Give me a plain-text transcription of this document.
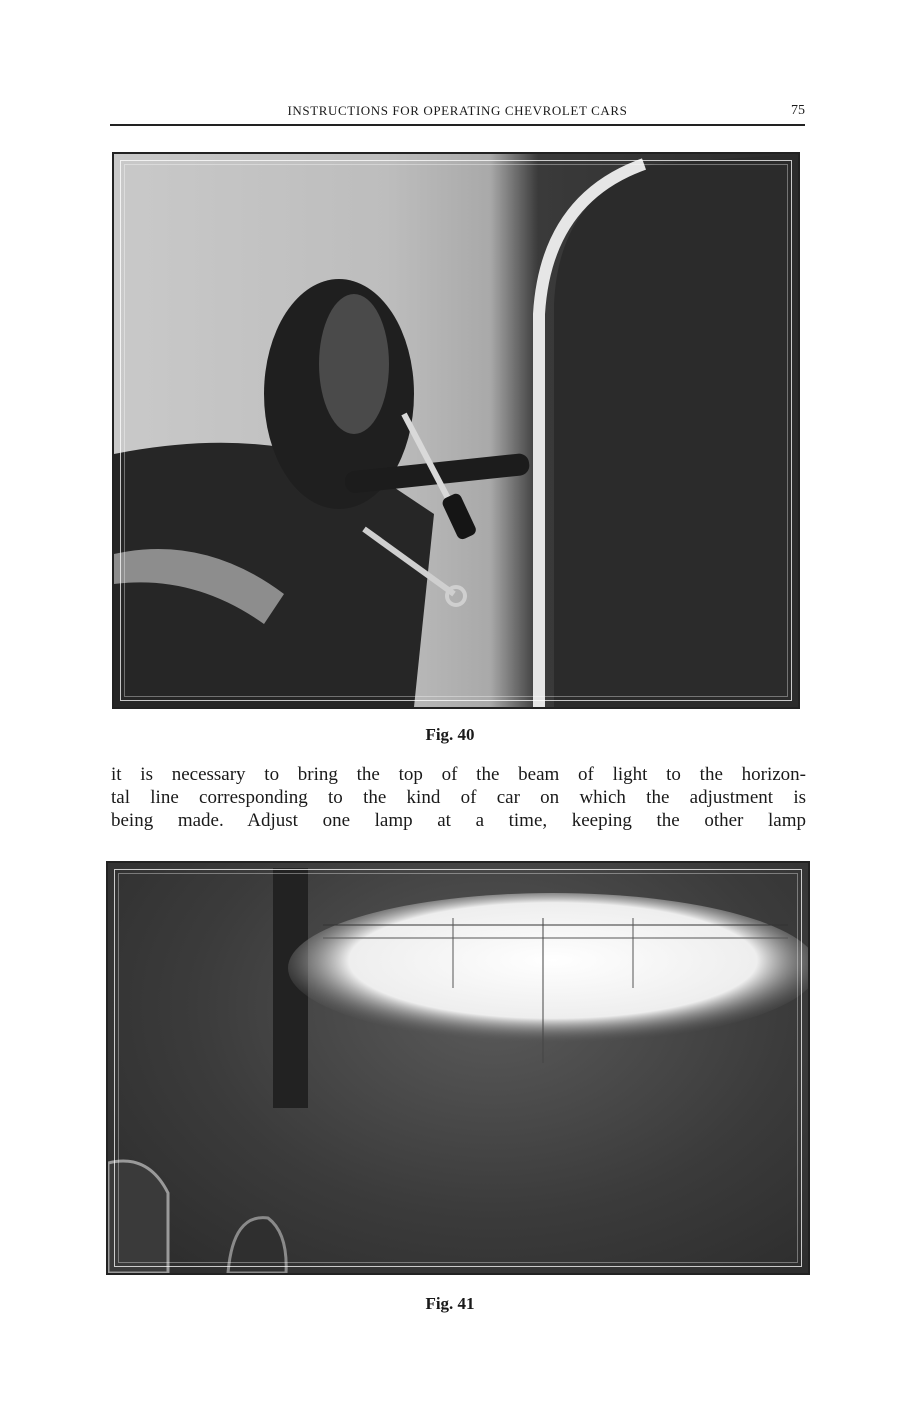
INSTRUCTIONS FOR OPERATING CHEVROLET CARS	75
Fig. 40
it is necessary to bring the top of the beam of light to the horizon-
tal line corresponding to the kind of car on which the adjustment is
being made. Adjust one lamp at a time, keeping the other lamp
Fig. 41
